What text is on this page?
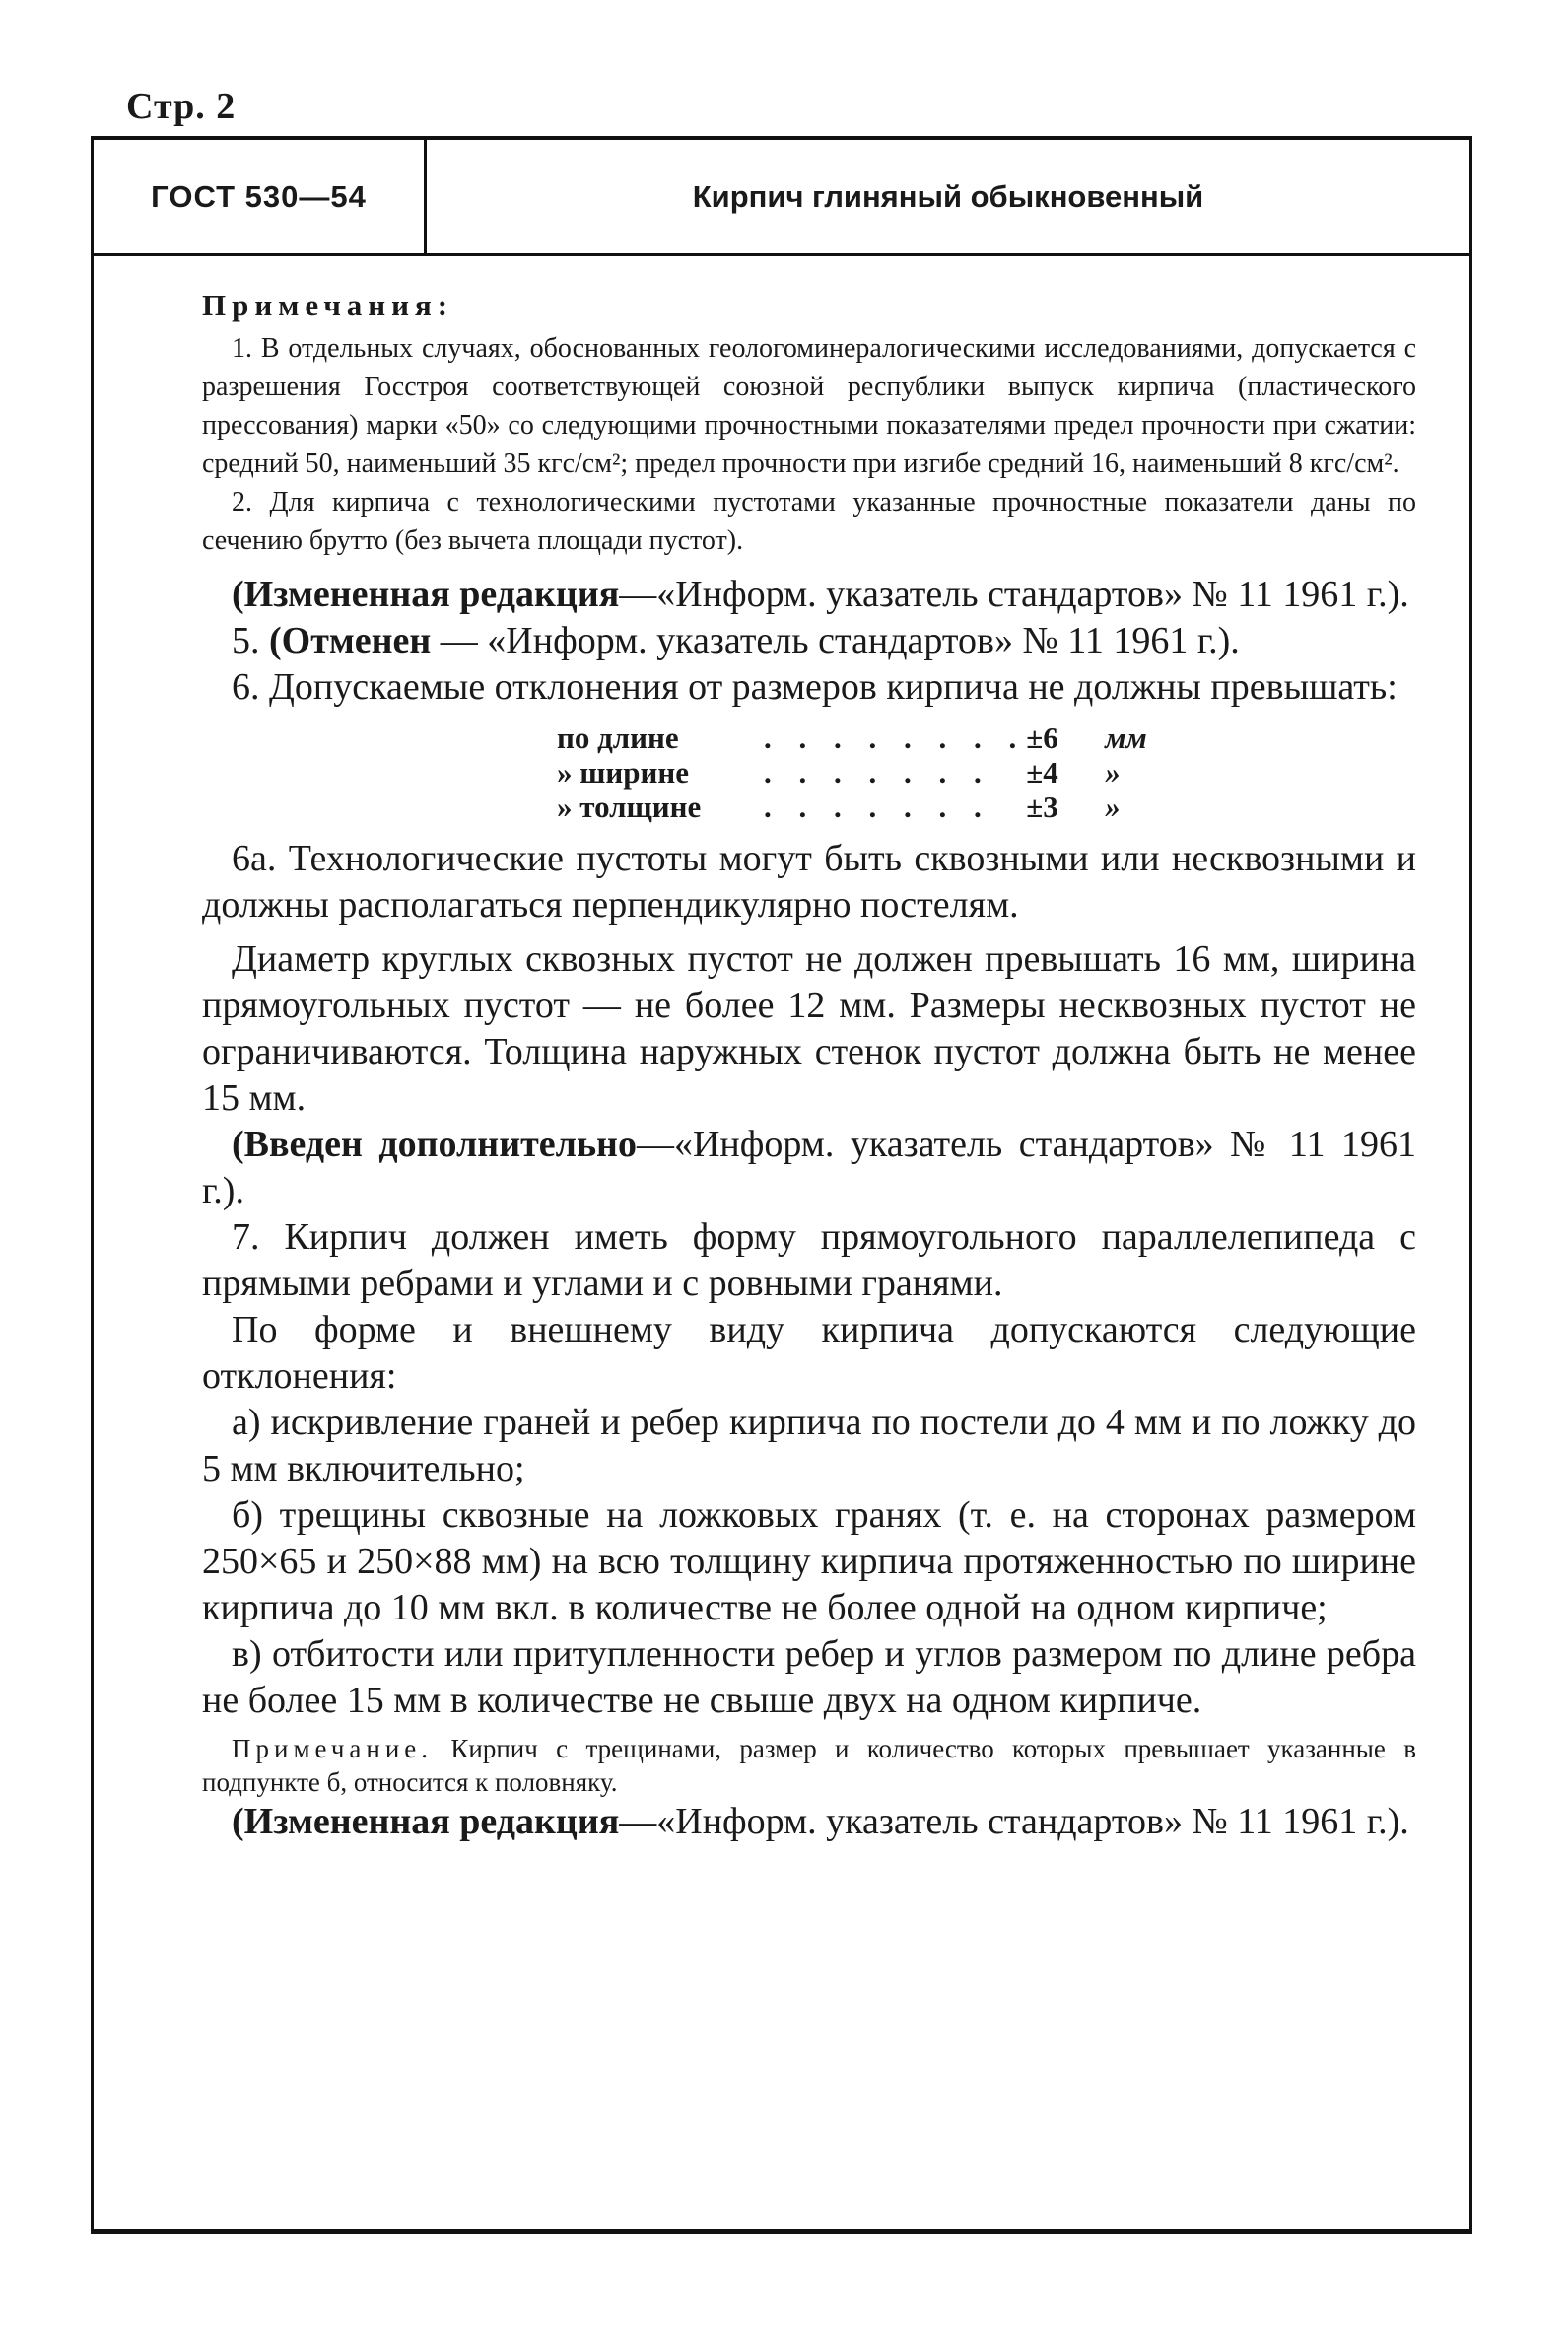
Стр. 2
ГОСТ 530—54	Кирпич глиняный обыкновенный

Примечания:

1. В отдельных случаях, обоснованных геологоминералогическими исследованиями, допускается с разрешения Госстроя соответствующей союзной республики выпуск кирпича (пластического прессования) марки «50» со следующими прочностными показателями предел прочности при сжатии: средний 50, наименьший 35 кгс/см²; предел прочности при изгибе средний 16, наименьший 8 кгс/см².

2. Для кирпича с технологическими пустотами указанные прочностные показатели даны по сечению брутто (без вычета площади пустот).

(Измененная редакция—«Информ. указатель стандартов» № 11 1961 г.).

5. (Отменен — «Информ. указатель стандартов» № 11 1961 г.).

6. Допускаемые отклонения от размеров кирпича не должны превышать:

по длине	. . . . . . . .	±6	мм
» ширине	. . . . . . .	±4	»
» толщине	. . . . . . .	±3	»

6а. Технологические пустоты могут быть сквозными или несквозными и должны располагаться перпендикулярно постелям.

Диаметр круглых сквозных пустот не должен превышать 16 мм, ширина прямоугольных пустот — не более 12 мм. Размеры несквозных пустот не ограничиваются. Толщина наружных стенок пустот должна быть не менее 15 мм.

(Введен дополнительно—«Информ. указатель стандартов» № 11 1961 г.).

7. Кирпич должен иметь форму прямоугольного параллелепипеда с прямыми ребрами и углами и с ровными гранями.

По форме и внешнему виду кирпича допускаются следующие отклонения:

а) искривление граней и ребер кирпича по постели до 4 мм и по ложку до 5 мм включительно;

б) трещины сквозные на ложковых гранях (т. е. на сторонах размером 250×65 и 250×88 мм) на всю толщину кирпича протяженностью по ширине кирпича до 10 мм вкл. в количестве не более одной на одном кирпиче;

в) отбитости или притупленности ребер и углов размером по длине ребра не более 15 мм в количестве не свыше двух на одном кирпиче.

Примечание. Кирпич с трещинами, размер и количество которых превышает указанные в подпункте б, относится к половняку.

(Измененная редакция—«Информ. указатель стандартов» № 11 1961 г.).
